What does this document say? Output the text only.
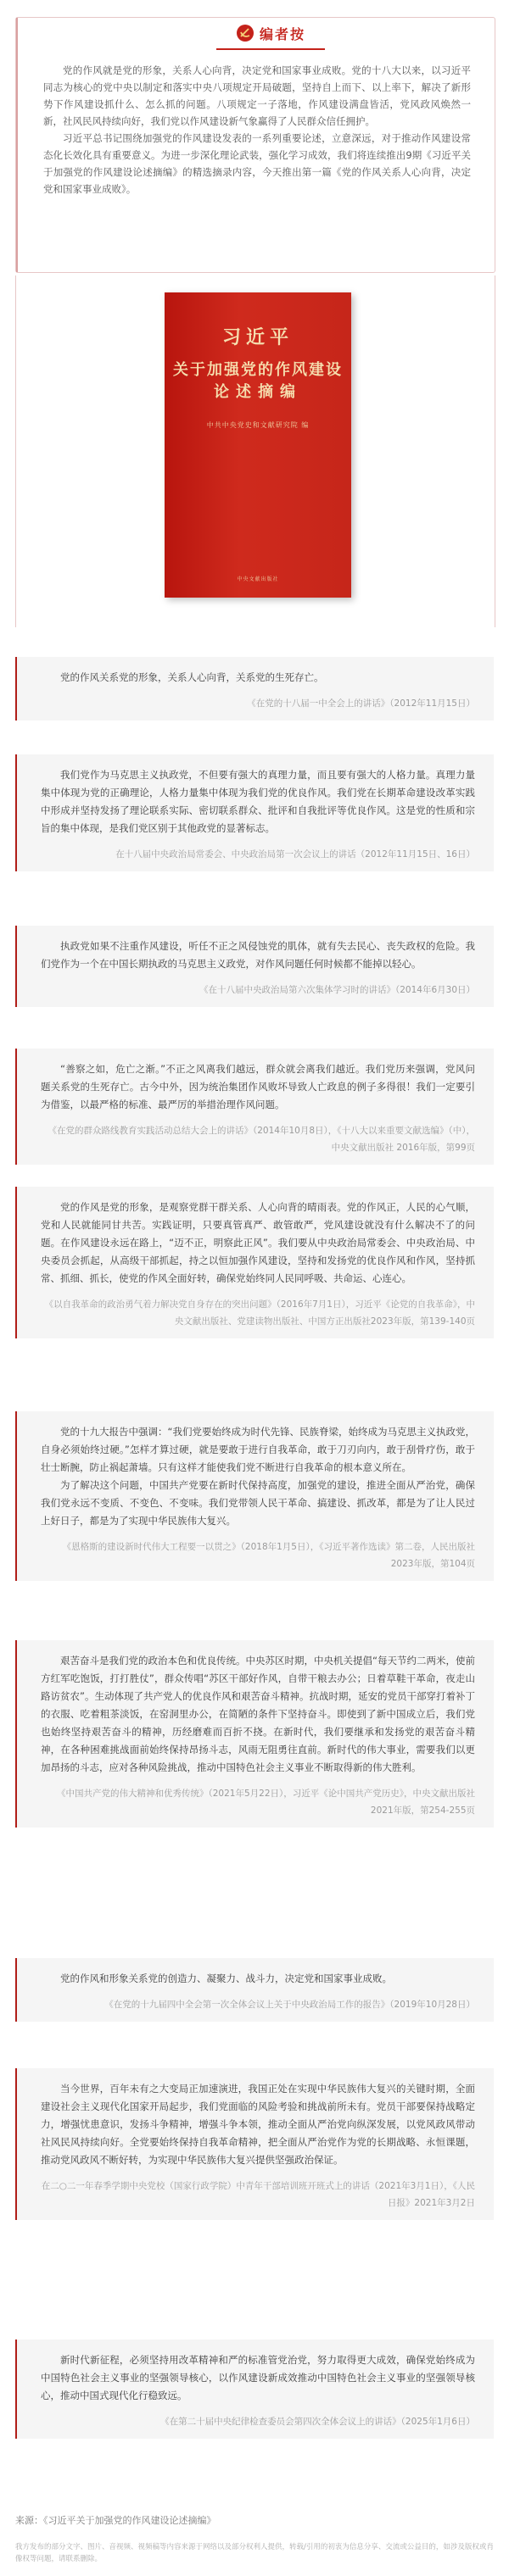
编者按

党的作风就是党的形象，关系人心向背，决定党和国家事业成败。党的十八大以来，以习近平同志为核心的党中央以制定和落实中央八项规定开局破题，坚持自上而下、以上率下，解决了新形势下作风建设抓什么、怎么抓的问题。八项规定一子落地，作风建设满盘皆活，党风政风焕然一新，社风民风持续向好，我们党以作风建设新气象赢得了人民群众信任拥护。

习近平总书记围绕加强党的作风建设发表的一系列重要论述，立意深远，对于推动作风建设常态化长效化具有重要意义。为进一步深化理论武装，强化学习成效，我们将连续推出9期《习近平关于加强党的作风建设论述摘编》的精选摘录内容，今天推出第一篇《党的作风关系人心向背，决定党和国家事业成败》。

习近平
关于加强党的作风建设
论述摘编
中共中央党史和文献研究院 编
中央文献出版社

党的作风关系党的形象，关系人心向背，关系党的生死存亡。

《在党的十八届一中全会上的讲话》（2012年11月15日）

我们党作为马克思主义执政党，不但要有强大的真理力量，而且要有强大的人格力量。真理力量集中体现为党的正确理论，人格力量集中体现为我们党的优良作风。我们党在长期革命建设改革实践中形成并坚持发扬了理论联系实际、密切联系群众、批评和自我批评等优良作风。这是党的性质和宗旨的集中体现，是我们党区别于其他政党的显著标志。

在十八届中央政治局常委会、中央政治局第一次会议上的讲话（2012年11月15日、16日）

执政党如果不注重作风建设，听任不正之风侵蚀党的肌体，就有失去民心、丧失政权的危险。我们党作为一个在中国长期执政的马克思主义政党，对作风问题任何时候都不能掉以轻心。

《在十八届中央政治局第六次集体学习时的讲话》（2014年6月30日）

“善察之如，危亡之渐。”不正之风离我们越远，群众就会离我们越近。我们党历来强调，党风问题关系党的生死存亡。古今中外，因为统治集团作风败坏导致人亡政息的例子多得很！我们一定要引为借鉴，以最严格的标准、最严厉的举措治理作风问题。

《在党的群众路线教育实践活动总结大会上的讲话》（2014年10月8日），《十八大以来重要文献选编》（中），中央文献出版社 2016年版，第99页

党的作风是党的形象，是观察党群干群关系、人心向背的晴雨表。党的作风正，人民的心气顺，党和人民就能同甘共苦。实践证明，只要真管真严、敢管敢严，党风建设就没有什么解决不了的问题。在作风建设永远在路上，“迈不正，明察此正风”。我们要从中央政治局常委会、中央政治局、中央委员会抓起，从高级干部抓起，持之以恒加强作风建设，坚持和发扬党的优良作风和作风，坚持抓常、抓细、抓长，使党的作风全面好转，确保党始终同人民同呼吸、共命运、心连心。

《以自我革命的政治勇气着力解决党自身存在的突出问题》（2016年7月1日），习近平《论党的自我革命》，中央文献出版社、党建读物出版社、中国方正出版社2023年版，第139-140页

党的十九大报告中强调：“我们党要始终成为时代先锋、民族脊梁，始终成为马克思主义执政党，自身必须始终过硬。”怎样才算过硬，就是要敢于进行自我革命，敢于刀刃向内，敢于刮骨疗伤，敢于壮士断腕，防止祸起萧墙。只有这样才能使我们党不断进行自我革命的根本意义所在。

为了解决这个问题，中国共产党要在新时代保持高度，加强党的建设，推进全面从严治党，确保我们党永远不变质、不变色、不变味。我们党带领人民干革命、搞建设、抓改革，都是为了让人民过上好日子，都是为了实现中华民族伟大复兴。

《恩格斯的建设新时代伟大工程要一以贯之》（2018年1月5日），《习近平著作选读》第二卷，人民出版社2023年版，第104页

艰苦奋斗是我们党的政治本色和优良传统。中央苏区时期，中央机关提倡“每天节约二两米，使前方红军吃饱饭，打打胜仗”，群众传唱“苏区干部好作风，自带干粮去办公；日着草鞋干革命，夜走山路访贫农”。生动体现了共产党人的优良作风和艰苦奋斗精神。抗战时期，延安的党员干部穿打着补丁的衣服、吃着粗茶淡饭，在窑洞里办公，在简陋的条件下坚持奋斗。即使到了新中国成立后，我们党也始终坚持艰苦奋斗的精神，历经磨难而百折不挠。在新时代，我们要继承和发扬党的艰苦奋斗精神，在各种困难挑战面前始终保持昂扬斗志，风雨无阻勇往直前。新时代的伟大事业，需要我们以更加昂扬的斗志，应对各种风险挑战，推动中国特色社会主义事业不断取得新的伟大胜利。

《中国共产党的伟大精神和优秀传统》（2021年5月22日），习近平《论中国共产党历史》，中央文献出版社2021年版，第254-255页

党的作风和形象关系党的创造力、凝聚力、战斗力，决定党和国家事业成败。

《在党的十九届四中全会第一次全体会议上关于中央政治局工作的报告》（2019年10月28日）

当今世界，百年未有之大变局正加速演进，我国正处在实现中华民族伟大复兴的关键时期，全面建设社会主义现代化国家开局起步，我们党面临的风险考验和挑战前所未有。党员干部要保持战略定力，增强忧患意识，发扬斗争精神，增强斗争本领，推动全面从严治党向纵深发展，以党风政风带动社风民风持续向好。全党要始终保持自我革命精神，把全面从严治党作为党的长期战略、永恒课题，推动党风政风不断好转，为实现中华民族伟大复兴提供坚强政治保证。

在二○二一年春季学期中央党校（国家行政学院）中青年干部培训班开班式上的讲话（2021年3月1日），《人民日报》2021年3月2日

新时代新征程，必须坚持用改革精神和严的标准管党治党，努力取得更大成效，确保党始终成为中国特色社会主义事业的坚强领导核心，以作风建设新成效推动中国特色社会主义事业的坚强领导核心，推动中国式现代化行稳致远。

《在第二十届中央纪律检查委员会第四次全体会议上的讲话》（2025年1月6日）
来源：《习近平关于加强党的作风建设论述摘编》
我方发布的部分文字、图片、音视频、视频稿等内容来源于网络以及部分权利人提供，转载/引用的初衷为信息分享、交流或公益目的，如涉及版权或肖像权等问题，请联系删除。
